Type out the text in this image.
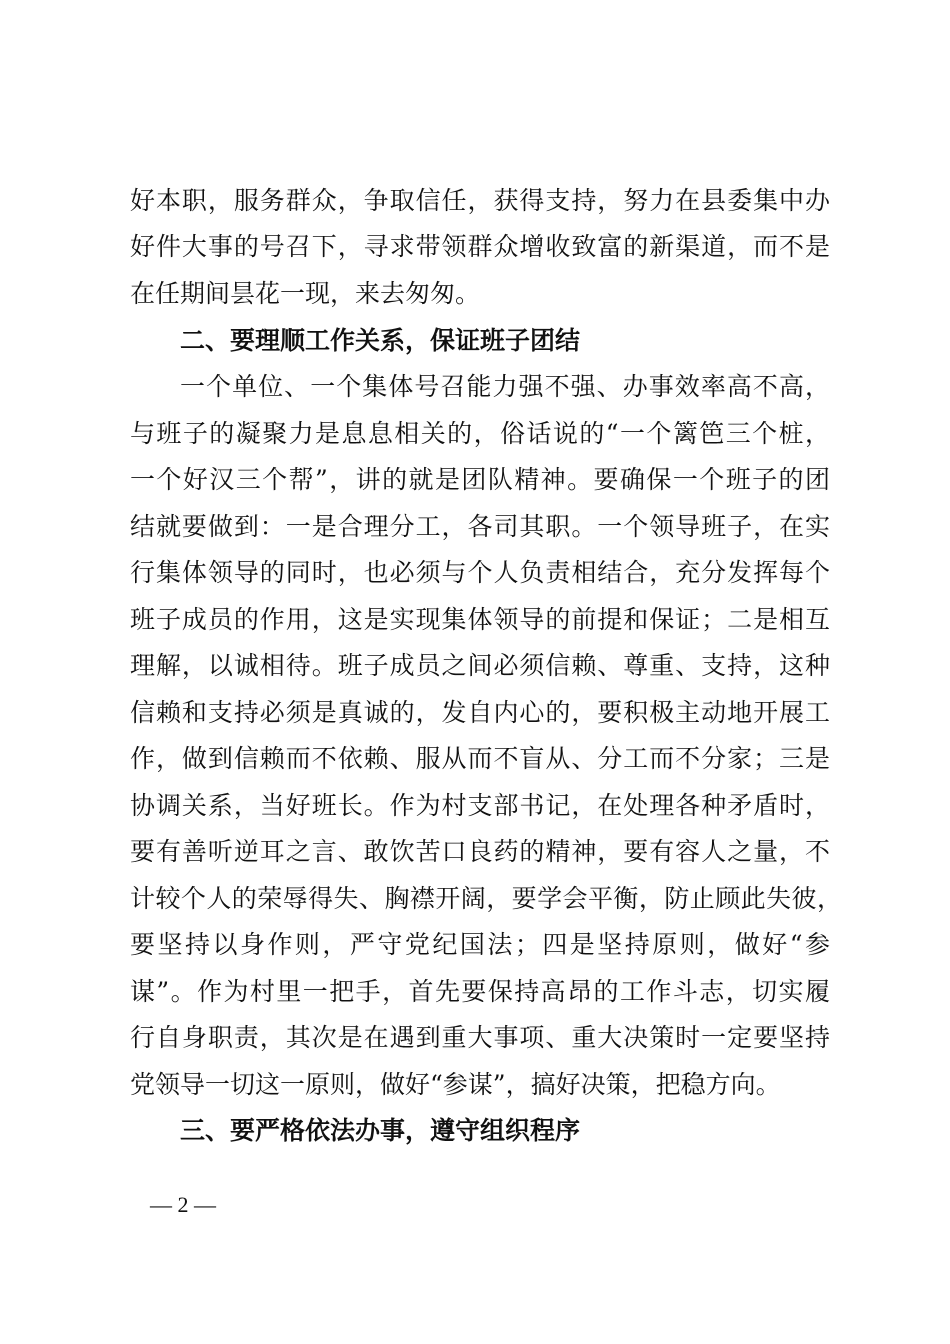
好本职，服务群众，争取信任，获得支持，努力在县委集中办
好件大事的号召下，寻求带领群众增收致富的新渠道，而不是
在任期间昙花一现，来去匆匆。
二、要理顺工作关系，保证班子团结
一个单位、一个集体号召能力强不强、办事效率高不高，
与班子的凝聚力是息息相关的，俗话说的“一个篱笆三个桩，
一个好汉三个帮”，讲的就是团队精神。要确保一个班子的团
结就要做到：一是合理分工，各司其职。一个领导班子，在实
行集体领导的同时，也必须与个人负责相结合，充分发挥每个
班子成员的作用，这是实现集体领导的前提和保证；二是相互
理解，以诚相待。班子成员之间必须信赖、尊重、支持，这种
信赖和支持必须是真诚的，发自内心的，要积极主动地开展工
作，做到信赖而不依赖、服从而不盲从、分工而不分家；三是
协调关系，当好班长。作为村支部书记，在处理各种矛盾时，
要有善听逆耳之言、敢饮苦口良药的精神，要有容人之量，不
计较个人的荣辱得失、胸襟开阔，要学会平衡，防止顾此失彼，
要坚持以身作则，严守党纪国法；四是坚持原则，做好“参
谋”。作为村里一把手，首先要保持高昂的工作斗志，切实履
行自身职责，其次是在遇到重大事项、重大决策时一定要坚持
党领导一切这一原则，做好“参谋”，搞好决策，把稳方向。
三、要严格依法办事，遵守组织程序
— 2 —
